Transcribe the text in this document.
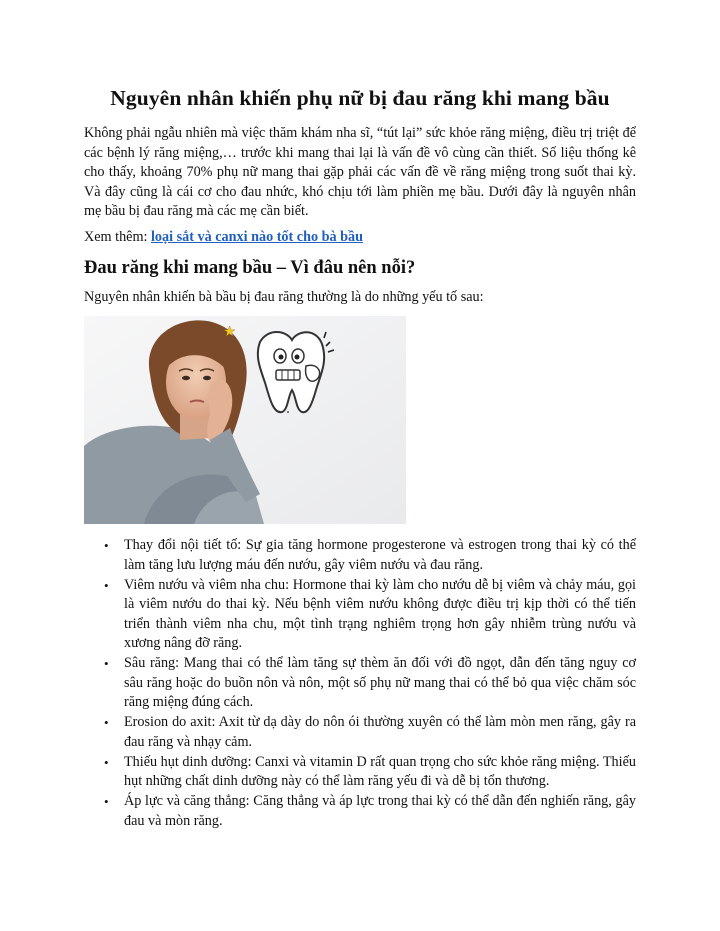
Nguyên nhân khiến phụ nữ bị đau răng khi mang bầu

Không phải ngẫu nhiên mà việc thăm khám nha sĩ, “tút lại” sức khỏe răng miệng, điều trị triệt để các bệnh lý răng miệng,… trước khi mang thai lại là vấn đề vô cùng cần thiết. Số liệu thống kê cho thấy, khoảng 70% phụ nữ mang thai gặp phải các vấn đề về răng miệng trong suốt thai kỳ. Và đây cũng là cái cơ cho đau nhức, khó chịu tới làm phiền mẹ bầu. Dưới đây là nguyên nhân mẹ bầu bị đau răng mà các mẹ cần biết.

Xem thêm: loại sắt và canxi nào tốt cho bà bầu

Đau răng khi mang bầu – Vì đâu nên nỗi?

Nguyên nhân khiến bà bầu bị đau răng thường là do những yếu tố sau:

• Thay đổi nội tiết tố: Sự gia tăng hormone progesterone và estrogen trong thai kỳ có thể làm tăng lưu lượng máu đến nướu, gây viêm nướu và đau răng.
• Viêm nướu và viêm nha chu: Hormone thai kỳ làm cho nướu dễ bị viêm và chảy máu, gọi là viêm nướu do thai kỳ. Nếu bệnh viêm nướu không được điều trị kịp thời có thể tiến triển thành viêm nha chu, một tình trạng nghiêm trọng hơn gây nhiễm trùng nướu và xương nâng đỡ răng.
• Sâu răng: Mang thai có thể làm tăng sự thèm ăn đối với đồ ngọt, dẫn đến tăng nguy cơ sâu răng hoặc do buồn nôn và nôn, một số phụ nữ mang thai có thể bỏ qua việc chăm sóc răng miệng đúng cách.
• Erosion do axit: Axit từ dạ dày do nôn ói thường xuyên có thể làm mòn men răng, gây ra đau răng và nhạy cảm.
• Thiếu hụt dinh dưỡng: Canxi và vitamin D rất quan trọng cho sức khỏe răng miệng. Thiếu hụt những chất dinh dưỡng này có thể làm răng yếu đi và dễ bị tổn thương.
• Áp lực và căng thẳng: Căng thẳng và áp lực trong thai kỳ có thể dẫn đến nghiến răng, gây đau và mòn răng.
